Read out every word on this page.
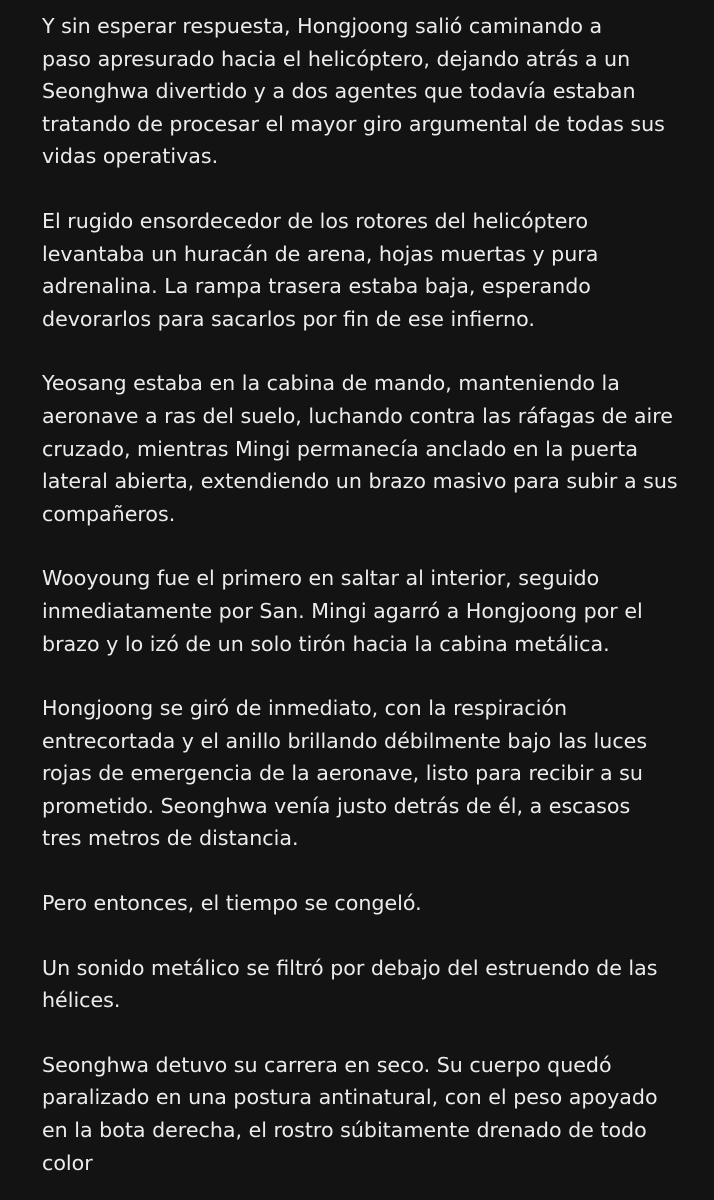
Y sin esperar respuesta, Hongjoong salió caminando a
paso apresurado hacia el helicóptero, dejando atrás a un
Seonghwa divertido y a dos agentes que todavía estaban
tratando de procesar el mayor giro argumental de todas sus
vidas operativas.

El rugido ensordecedor de los rotores del helicóptero
levantaba un huracán de arena, hojas muertas y pura
adrenalina. La rampa trasera estaba baja, esperando
devorarlos para sacarlos por fin de ese infierno.

Yeosang estaba en la cabina de mando, manteniendo la
aeronave a ras del suelo, luchando contra las ráfagas de aire
cruzado, mientras Mingi permanecía anclado en la puerta
lateral abierta, extendiendo un brazo masivo para subir a sus
compañeros.

Wooyoung fue el primero en saltar al interior, seguido
inmediatamente por San. Mingi agarró a Hongjoong por el
brazo y lo izó de un solo tirón hacia la cabina metálica.

Hongjoong se giró de inmediato, con la respiración
entrecortada y el anillo brillando débilmente bajo las luces
rojas de emergencia de la aeronave, listo para recibir a su
prometido. Seonghwa venía justo detrás de él, a escasos
tres metros de distancia.

Pero entonces, el tiempo se congeló.

Un sonido metálico se filtró por debajo del estruendo de las
hélices.

Seonghwa detuvo su carrera en seco. Su cuerpo quedó
paralizado en una postura antinatural, con el peso apoyado
en la bota derecha, el rostro súbitamente drenado de todo
color
